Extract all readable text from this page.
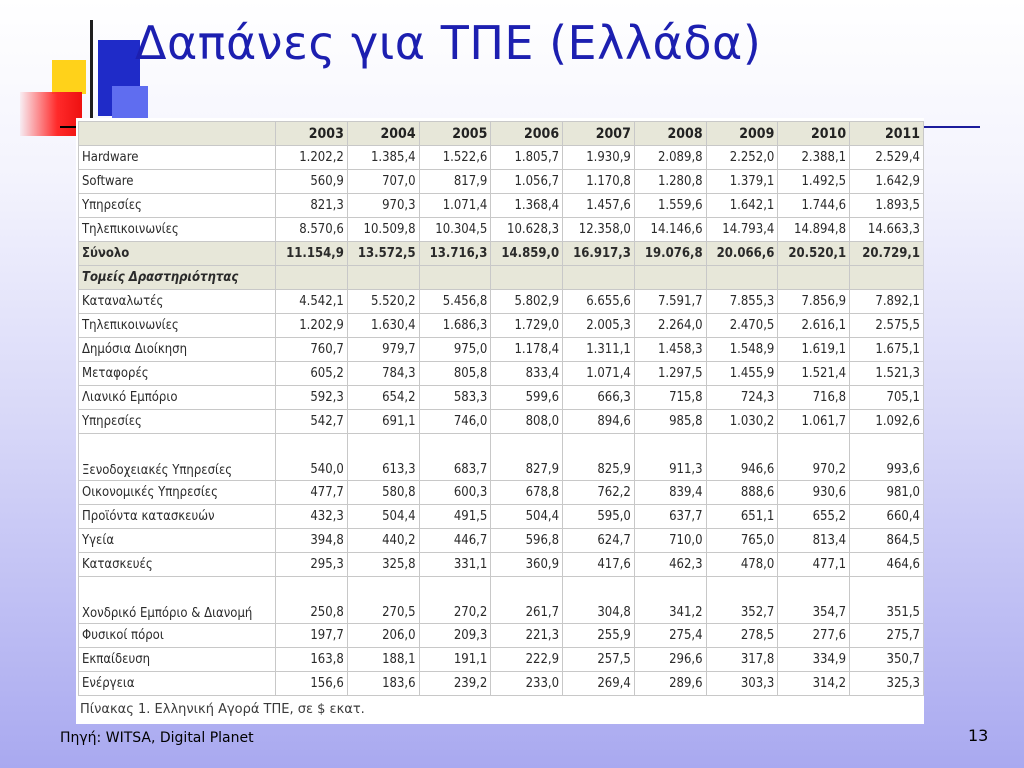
Δαπάνες για ΤΠΕ (Ελλάδα)
	2003	2004	2005	2006	2007	2008	2009	2010	2011
Hardware	1.202,2	1.385,4	1.522,6	1.805,7	1.930,9	2.089,8	2.252,0	2.388,1	2.529,4
Software	560,9	707,0	817,9	1.056,7	1.170,8	1.280,8	1.379,1	1.492,5	1.642,9
Υπηρεσίες	821,3	970,3	1.071,4	1.368,4	1.457,6	1.559,6	1.642,1	1.744,6	1.893,5
Τηλεπικοινωνίες	8.570,6	10.509,8	10.304,5	10.628,3	12.358,0	14.146,6	14.793,4	14.894,8	14.663,3
Σύνολο	11.154,9	13.572,5	13.716,3	14.859,0	16.917,3	19.076,8	20.066,6	20.520,1	20.729,1
Τομείς Δραστηριότητας									
Καταναλωτές	4.542,1	5.520,2	5.456,8	5.802,9	6.655,6	7.591,7	7.855,3	7.856,9	7.892,1
Τηλεπικοινωνίες	1.202,9	1.630,4	1.686,3	1.729,0	2.005,3	2.264,0	2.470,5	2.616,1	2.575,5
Δημόσια Διοίκηση	760,7	979,7	975,0	1.178,4	1.311,1	1.458,3	1.548,9	1.619,1	1.675,1
Μεταφορές	605,2	784,3	805,8	833,4	1.071,4	1.297,5	1.455,9	1.521,4	1.521,3
Λιανικό Εμπόριο	592,3	654,2	583,3	599,6	666,3	715,8	724,3	716,8	705,1
Υπηρεσίες	542,7	691,1	746,0	808,0	894,6	985,8	1.030,2	1.061,7	1.092,6
Ξενοδοχειακές Υπηρεσίες	540,0	613,3	683,7	827,9	825,9	911,3	946,6	970,2	993,6
Οικονομικές Υπηρεσίες	477,7	580,8	600,3	678,8	762,2	839,4	888,6	930,6	981,0
Προϊόντα κατασκευών	432,3	504,4	491,5	504,4	595,0	637,7	651,1	655,2	660,4
Υγεία	394,8	440,2	446,7	596,8	624,7	710,0	765,0	813,4	864,5
Κατασκευές	295,3	325,8	331,1	360,9	417,6	462,3	478,0	477,1	464,6
Χονδρικό Εμπόριο & Διανομή	250,8	270,5	270,2	261,7	304,8	341,2	352,7	354,7	351,5
Φυσικοί πόροι	197,7	206,0	209,3	221,3	255,9	275,4	278,5	277,6	275,7
Εκπαίδευση	163,8	188,1	191,1	222,9	257,5	296,6	317,8	334,9	350,7
Ενέργεια	156,6	183,6	239,2	233,0	269,4	289,6	303,3	314,2	325,3
Πίνακας 1. Ελληνική Αγορά ΤΠΕ, σε $ εκατ.
Πηγή: WITSA, Digital Planet	13
